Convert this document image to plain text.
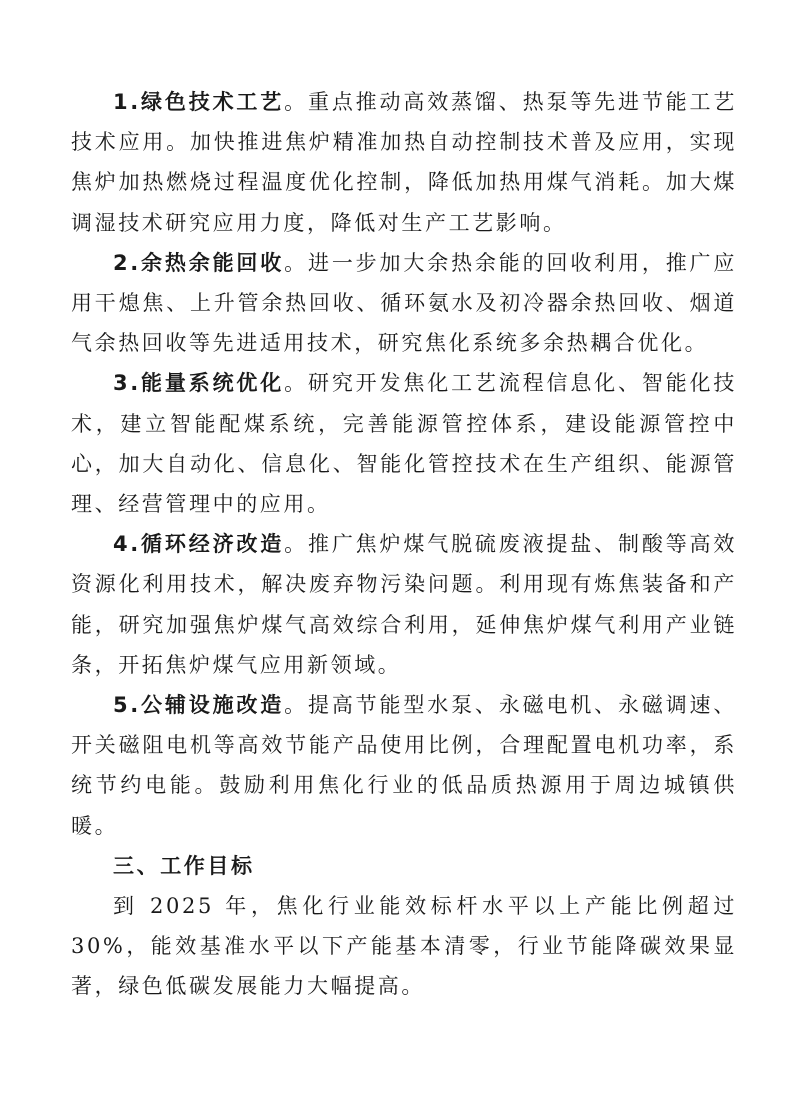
1.绿色技术工艺。重点推动高效蒸馏、热泵等先进节能工艺技术应用。加快推进焦炉精准加热自动控制技术普及应用，实现焦炉加热燃烧过程温度优化控制，降低加热用煤气消耗。加大煤调湿技术研究应用力度，降低对生产工艺影响。

2.余热余能回收。进一步加大余热余能的回收利用，推广应用干熄焦、上升管余热回收、循环氨水及初冷器余热回收、烟道气余热回收等先进适用技术，研究焦化系统多余热耦合优化。

3.能量系统优化。研究开发焦化工艺流程信息化、智能化技术，建立智能配煤系统，完善能源管控体系，建设能源管控中心，加大自动化、信息化、智能化管控技术在生产组织、能源管理、经营管理中的应用。

4.循环经济改造。推广焦炉煤气脱硫废液提盐、制酸等高效资源化利用技术，解决废弃物污染问题。利用现有炼焦装备和产能，研究加强焦炉煤气高效综合利用，延伸焦炉煤气利用产业链条，开拓焦炉煤气应用新领域。

5.公辅设施改造。提高节能型水泵、永磁电机、永磁调速、开关磁阻电机等高效节能产品使用比例，合理配置电机功率，系统节约电能。鼓励利用焦化行业的低品质热源用于周边城镇供暖。

三、工作目标

到 2025 年，焦化行业能效标杆水平以上产能比例超过 30%，能效基准水平以下产能基本清零，行业节能降碳效果显著，绿色低碳发展能力大幅提高。
